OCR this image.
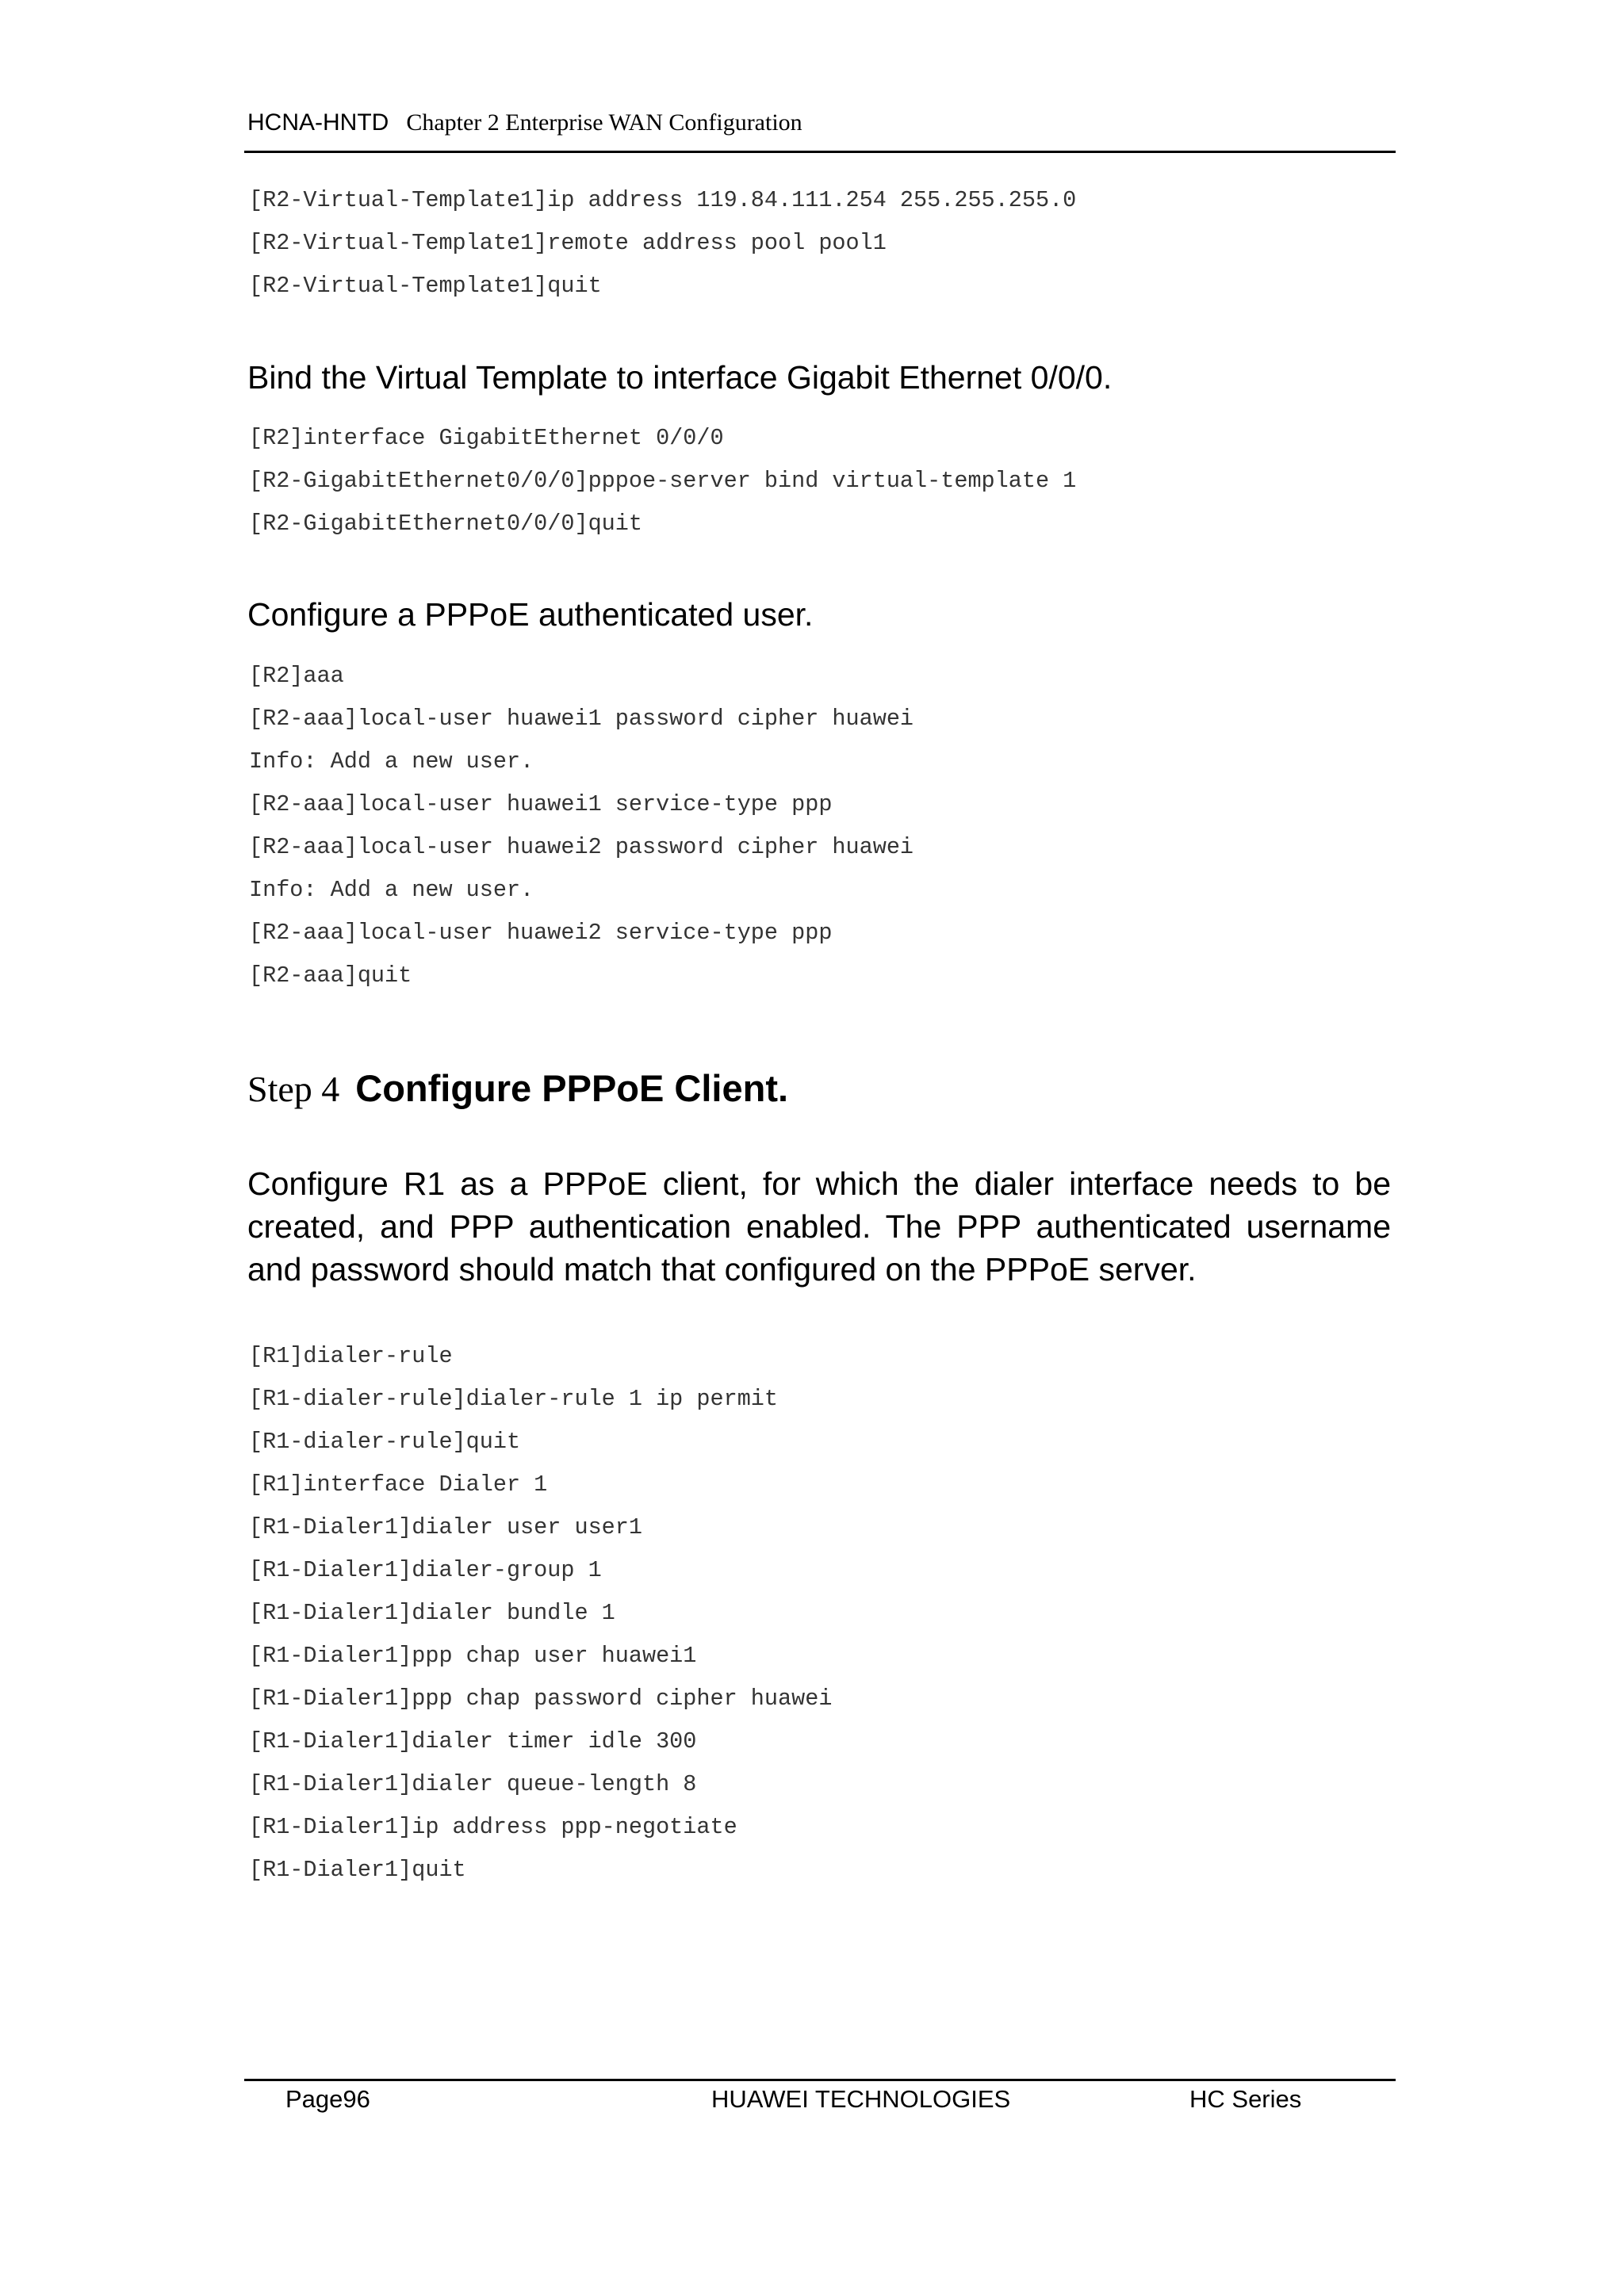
HCNA-HNTD Chapter 2 Enterprise WAN Configuration
[R2-Virtual-Template1]ip address 119.84.111.254 255.255.255.0
[R2-Virtual-Template1]remote address pool pool1
[R2-Virtual-Template1]quit
Bind the Virtual Template to interface Gigabit Ethernet 0/0/0.
[R2]interface GigabitEthernet 0/0/0
[R2-GigabitEthernet0/0/0]pppoe-server bind virtual-template 1
[R2-GigabitEthernet0/0/0]quit
Configure a PPPoE authenticated user.
[R2]aaa
[R2-aaa]local-user huawei1 password cipher huawei
Info: Add a new user.
[R2-aaa]local-user huawei1 service-type ppp
[R2-aaa]local-user huawei2 password cipher huawei
Info: Add a new user.
[R2-aaa]local-user huawei2 service-type ppp
[R2-aaa]quit
Step 4 Configure PPPoE Client.

Configure R1 as a PPPoE client, for which the dialer interface needs to be created, and PPP authentication enabled. The PPP authenticated username and password should match that configured on the PPPoE server.

[R1]dialer-rule
[R1-dialer-rule]dialer-rule 1 ip permit
[R1-dialer-rule]quit
[R1]interface Dialer 1
[R1-Dialer1]dialer user user1
[R1-Dialer1]dialer-group 1
[R1-Dialer1]dialer bundle 1
[R1-Dialer1]ppp chap user huawei1
[R1-Dialer1]ppp chap password cipher huawei
[R1-Dialer1]dialer timer idle 300
[R1-Dialer1]dialer queue-length 8
[R1-Dialer1]ip address ppp-negotiate
[R1-Dialer1]quit
Page96	HUAWEI TECHNOLOGIES	HC Series
